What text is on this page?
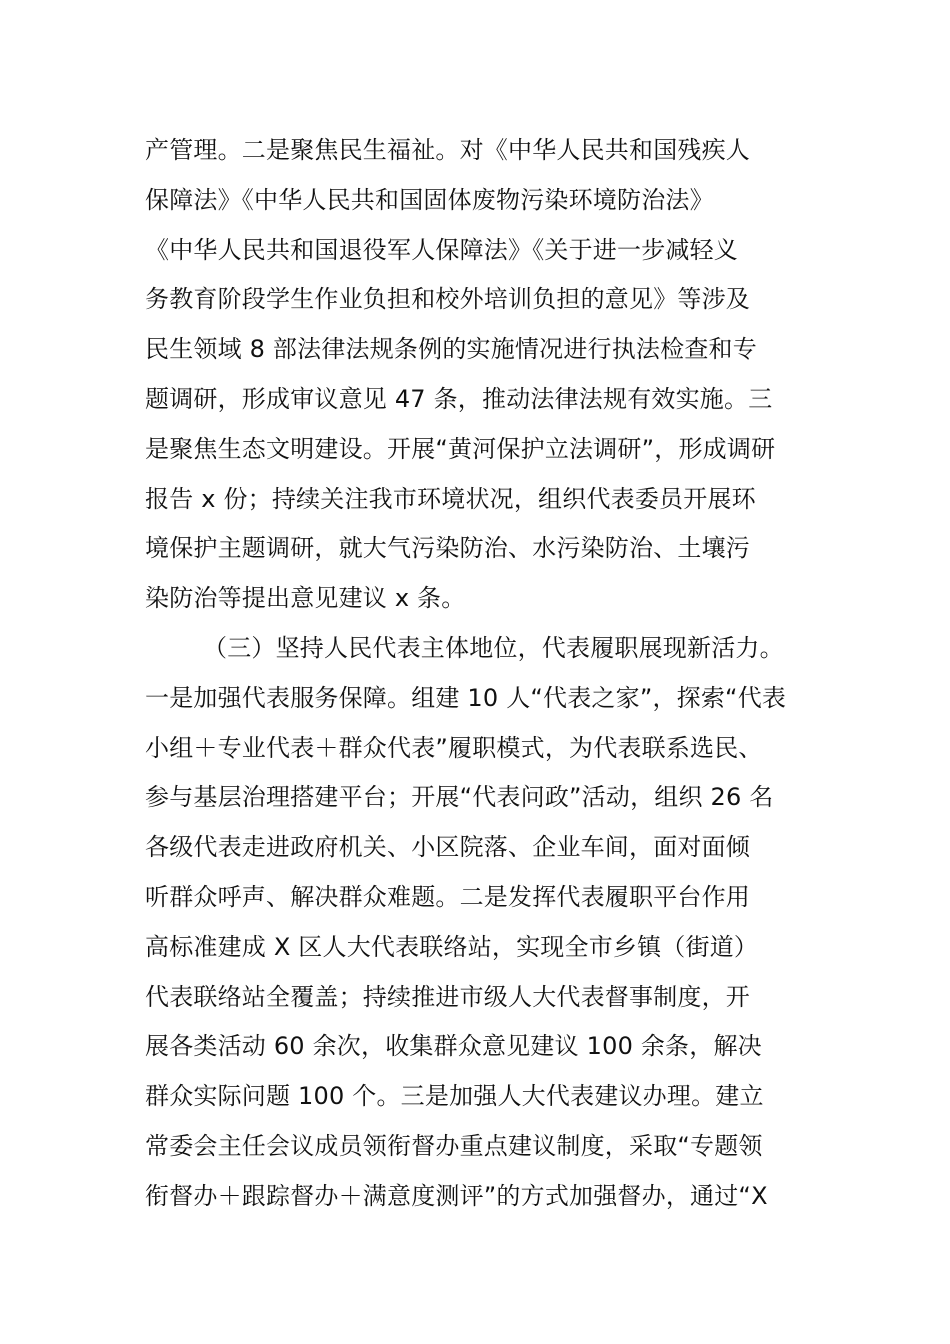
产管理。二是聚焦民生福祉。对《中华人民共和国残疾人
保障法》《中华人民共和国固体废物污染环境防治法》
《中华人民共和国退役军人保障法》《关于进一步减轻义
务教育阶段学生作业负担和校外培训负担的意见》等涉及
民生领域 8 部法律法规条例的实施情况进行执法检查和专
题调研，形成审议意见 47 条，推动法律法规有效实施。三
是聚焦生态文明建设。开展“黄河保护立法调研”，形成调研
报告 x 份；持续关注我市环境状况，组织代表委员开展环
境保护主题调研，就大气污染防治、水污染防治、土壤污
染防治等提出意见建议 x 条。
（三）坚持人民代表主体地位，代表履职展现新活力。
一是加强代表服务保障。组建 10 人“代表之家”，探索“代表
小组＋专业代表＋群众代表”履职模式，为代表联系选民、
参与基层治理搭建平台；开展“代表问政”活动，组织 26 名
各级代表走进政府机关、小区院落、企业车间，面对面倾
听群众呼声、解决群众难题。二是发挥代表履职平台作用
高标准建成 X 区人大代表联络站，实现全市乡镇（街道）
代表联络站全覆盖；持续推进市级人大代表督事制度，开
展各类活动 60 余次，收集群众意见建议 100 余条，解决
群众实际问题 100 个。三是加强人大代表建议办理。建立
常委会主任会议成员领衔督办重点建议制度，采取“专题领
衔督办＋跟踪督办＋满意度测评”的方式加强督办，通过“X
